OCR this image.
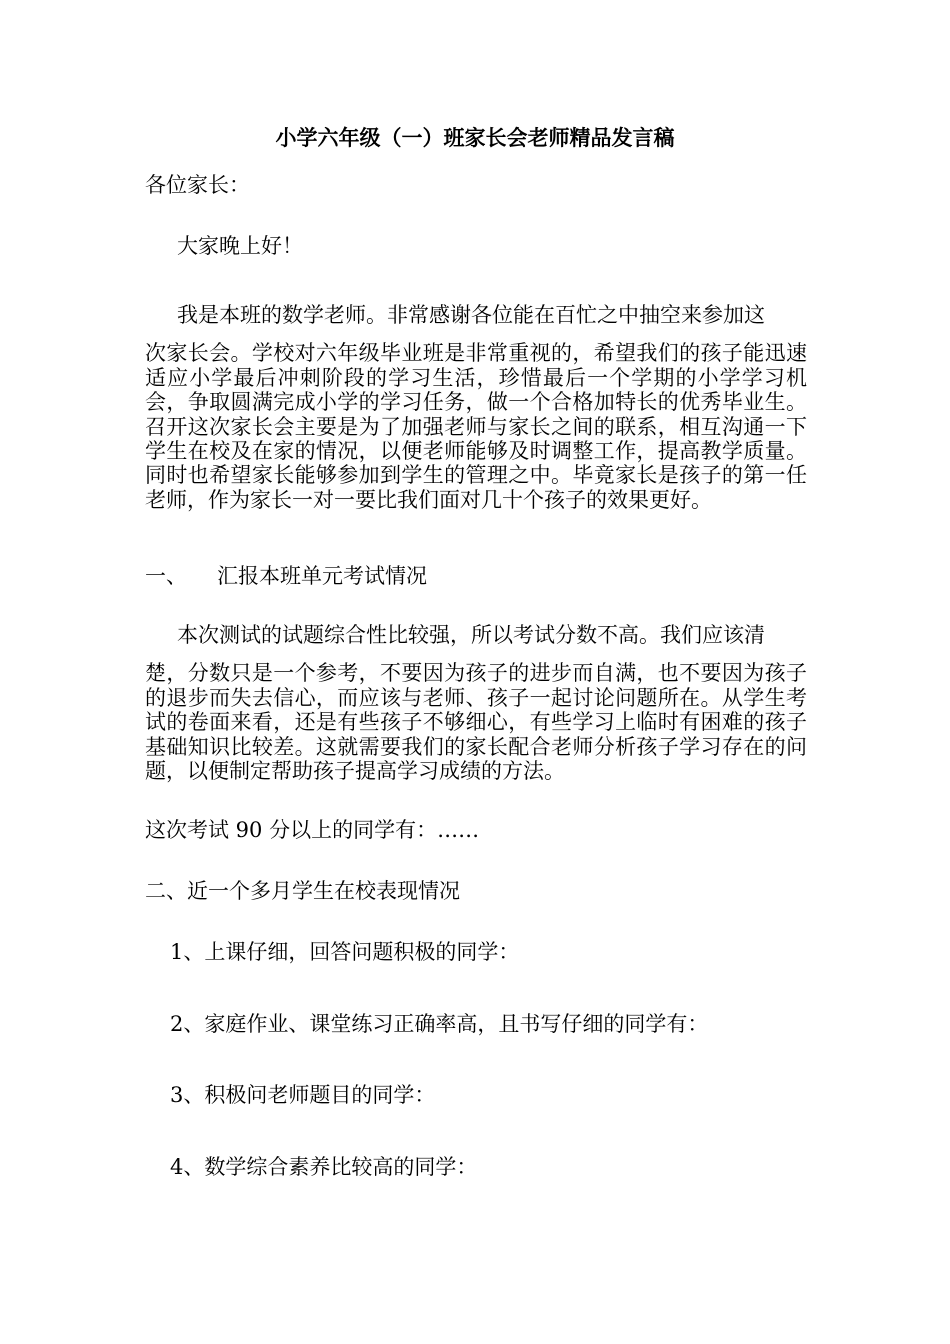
小学六年级（一）班家长会老师精品发言稿
各位家长：
大家晚上好！
我是本班的数学老师。非常感谢各位能在百忙之中抽空来参加这
次家长会。学校对六年级毕业班是非常重视的，希望我们的孩子能迅速适应小学最后冲刺阶段的学习生活，珍惜最后一个学期的小学学习机会，争取圆满完成小学的学习任务，做一个合格加特长的优秀毕业生。召开这次家长会主要是为了加强老师与家长之间的联系，相互沟通一下学生在校及在家的情况，以便老师能够及时调整工作，提高教学质量。同时也希望家长能够参加到学生的管理之中。毕竟家长是孩子的第一任老师，作为家长一对一要比我们面对几十个孩子的效果更好。
一、 汇报本班单元考试情况
本次测试的试题综合性比较强，所以考试分数不高。我们应该清
楚，分数只是一个参考，不要因为孩子的进步而自满，也不要因为孩子的退步而失去信心，而应该与老师、孩子一起讨论问题所在。从学生考试的卷面来看，还是有些孩子不够细心，有些学习上临时有困难的孩子基础知识比较差。这就需要我们的家长配合老师分析孩子学习存在的问题，以便制定帮助孩子提高学习成绩的方法。
这次考试 90 分以上的同学有：……
二、近一个多月学生在校表现情况
1、上课仔细，回答问题积极的同学：
2、家庭作业、课堂练习正确率高，且书写仔细的同学有：
3、积极问老师题目的同学：
4、数学综合素养比较高的同学：
